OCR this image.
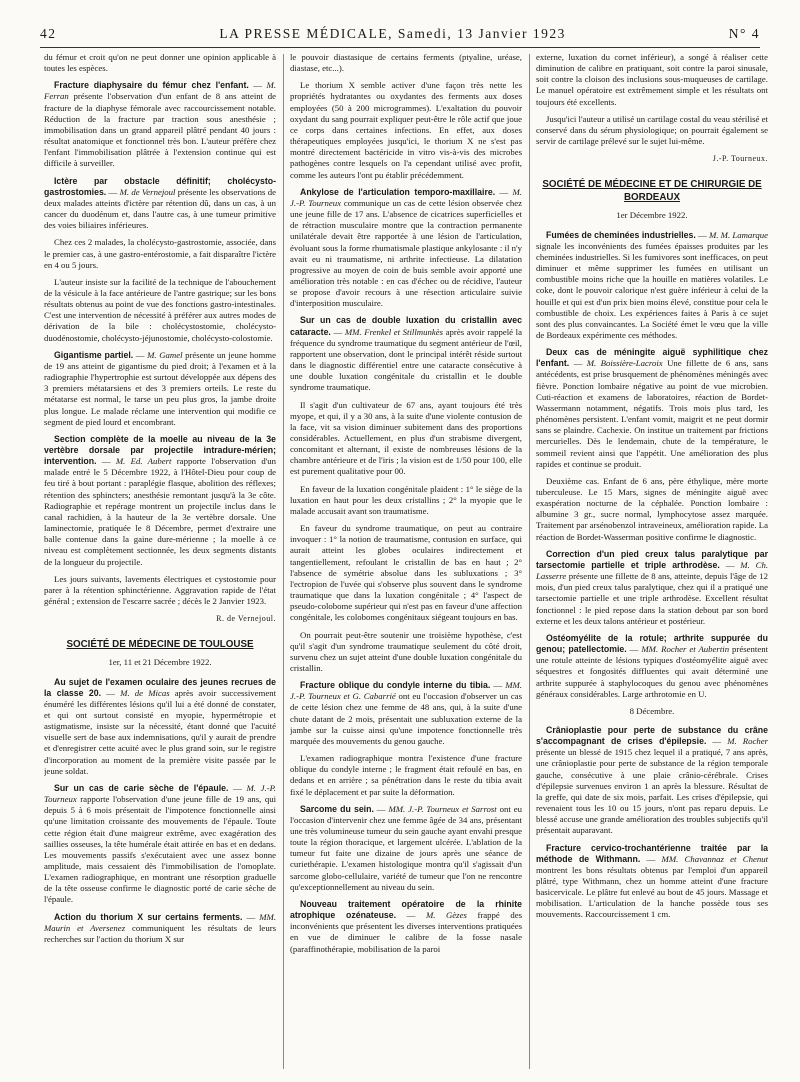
42	LA PRESSE MÉDICALE, Samedi, 13 Janvier 1923	N° 4

du fémur et croit qu'on ne peut donner une opinion applicable à toutes les espèces.

Fracture diaphysaire du fémur chez l'enfant. — M. Ferran présente l'observation d'un enfant de 8 ans atteint de fracture de la diaphyse fémorale avec raccourcissement notable. Réduction de la fracture par traction sous anesthésie ; immobilisation dans un grand appareil plâtré pendant 40 jours : résultat anatomique et fonctionnel très bon. L'auteur préfère chez l'enfant l'immobilisation plâtrée à l'extension continue qui est difficile à surveiller.

Ictère par obstacle définitif; cholécysto-gastrostomies. — M. de Vernejoul présente les observations de deux malades atteints d'ictère par rétention dû, dans un cas, à un cancer du duodénum et, dans l'autre cas, à une tumeur primitive des voies biliaires inférieures.

Chez ces 2 malades, la cholécysto-gastrostomie, associée, dans le premier cas, à une gastro-entérostomie, a fait disparaître l'ictère en 4 ou 5 jours.

L'auteur insiste sur la facilité de la technique de l'abouchement de la vésicule à la face antérieure de l'antre gastrique; sur les bons résultats obtenus au point de vue des fonctions gastro-intestinales. C'est une intervention de nécessité à préférer aux autres modes de dérivation de la bile : cholécystostomie, cholécysto-duodénostomie, cholécysto-jéjunostomie, cholécysto-colostomie.

Gigantisme partiel. — M. Gamel présente un jeune homme de 19 ans atteint de gigantisme du pied droit; à l'examen et à la radiographie l'hypertrophie est surtout développée aux dépens des 3 premiers métatarsiens et des 3 premiers orteils. Le reste du métatarse est normal, le tarse un peu plus gros, la jambe droite plus longue. Le malade réclame une intervention qui modifie ce segment de pied lourd et encombrant.

Section complète de la moelle au niveau de la 3e vertèbre dorsale par projectile intradure-mérien; intervention. — M. Ed. Aubert rapporte l'observation d'un malade entré le 5 Décembre 1922, à l'Hôtel-Dieu pour coup de feu tiré à bout portant : paraplégie flasque, abolition des réflexes; rétention des sphincters; anesthésie remontant jusqu'à la 3e côte. Radiographie et repérage montrent un projectile inclus dans le canal rachidien, à la hauteur de la 3e vertèbre dorsale. Une laminectomie, pratiquée le 8 Décembre, permet d'extraire une balle contenue dans la gaine dure-mérienne ; la moelle à ce niveau est complètement sectionnée, les deux segments distants de la longueur du projectile.

Les jours suivants, lavements électriques et cystostomie pour parer à la rétention sphinctérienne. Aggravation rapide de l'état général ; extension de l'escarre sacrée ; décès le 2 Janvier 1923.

R. de Vernejoul.
SOCIÉTÉ DE MÉDECINE DE TOULOUSE
1er, 11 et 21 Décembre 1922.

Au sujet de l'examen oculaire des jeunes recrues de la classe 20. — M. de Micas après avoir successivement énuméré les différentes lésions qu'il lui a été donné de constater, et qui ont surtout consisté en myopie, hypermétropie et astigmatisme, insiste sur la nécessité, étant donné que l'acuité visuelle sert de base aux indemnisations, qu'il y aurait de prendre et d'enregistrer cette acuité avec le plus grand soin, sur le registre d'incorporation au moment de la première visite passée par le jeune soldat.

Sur un cas de carie sèche de l'épaule. — M. J.-P. Tourneux rapporte l'observation d'une jeune fille de 19 ans, qui depuis 5 à 6 mois présentait de l'impotence fonctionnelle ainsi qu'une limitation croissante des mouvements de l'épaule. Toute cette région était d'une maigreur extrême, avec exagération des saillies osseuses, la tête humérale était attirée en bas et en dedans. Les mouvements passifs s'exécutaient avec une assez bonne amplitude, mais cessaient dès l'immobilisation de l'omoplate. L'examen radiographique, en montrant une résorption graduelle de la tête osseuse confirme le diagnostic porté de carie sèche de l'épaule.

Action du thorium X sur certains ferments. — MM. Maurin et Aversenez communiquent les résultats de leurs recherches sur l'action du thorium X sur

le pouvoir diastasique de certains ferments (ptyaline, uréase, diastase, etc...).

Le thorium X semble activer d'une façon très nette les propriétés hydratantes ou oxydantes des ferments aux doses employées (50 à 200 microgrammes). L'exaltation du pouvoir oxydant du sang pourrait expliquer peut-être le rôle actif que joue ce corps dans certaines infections. En effet, aux doses thérapeutiques employées jusqu'ici, le thorium X ne s'est pas montré directement bactéricide in vitro vis-à-vis des microbes pathogènes contre lesquels on l'a cependant utilisé avec profit, comme les auteurs l'ont pu établir précédemment.

Ankylose de l'articulation temporo-maxillaire. — M. J.-P. Tourneux communique un cas de cette lésion observée chez une jeune fille de 17 ans. L'absence de cicatrices superficielles et de rétraction musculaire montre que la contraction permanente unilatérale devait être rapportée à une lésion de l'articulation, évoluant sous la forme rhumatismale plastique ankylosante : il n'y avait eu ni traumatisme, ni arthrite infectieuse. La dilatation progressive au moyen de coin de buis semble avoir apporté une amélioration très notable : en cas d'échec ou de récidive, l'auteur se propose d'avoir recours à une résection articulaire suivie d'interposition musculaire.

Sur un cas de double luxation du cristallin avec cataracte. — MM. Frenkel et Stillmunkès après avoir rappelé la fréquence du syndrome traumatique du segment antérieur de l'œil, rapportent une observation, dont le principal intérêt réside surtout dans le diagnostic différentiel entre une cataracte consécutive à une double luxation congénitale du cristallin et le double syndrome traumatique.

Il s'agit d'un cultivateur de 67 ans, ayant toujours été très myope, et qui, il y a 30 ans, à la suite d'une violente contusion de la face, vit sa vision diminuer subitement dans des proportions considérables. Actuellement, en plus d'un strabisme divergent, concomitant et alternant, il existe de nombreuses lésions de la chambre antérieure et de l'iris ; la vision est de 1/50 pour 100, elle est purement qualitative pour 00.

En faveur de la luxation congénitale plaident : 1° le siège de la luxation en haut pour les deux cristallins ; 2° la myopie que le malade accusait avant son traumatisme.

En faveur du syndrome traumatique, on peut au contraire invoquer : 1° la notion de traumatisme, contusion en surface, qui aurait atteint les globes oculaires indirectement et tangentiellement, refoulant le cristallin de bas en haut ; 2° l'absence de symétrie absolue dans les subluxations ; 3° l'ectropion de l'uvée qui s'observe plus souvent dans le syndrome traumatique que dans la luxation congénitale ; 4° l'aspect de pseudo-colobome supérieur qui n'est pas en faveur d'une affection congénitale, les colobomes congénitaux siégeant toujours en bas.

On pourrait peut-être soutenir une troisième hypothèse, c'est qu'il s'agit d'un syndrome traumatique seulement du côté droit, survenu chez un sujet atteint d'une double luxation congénitale du cristallin.

Fracture oblique du condyle interne du tibia. — MM. J.-P. Tourneux et G. Cabarrié ont eu l'occasion d'observer un cas de cette lésion chez une femme de 48 ans, qui, à la suite d'une chute datant de 2 mois, présentait une subluxation externe de la jambe sur la cuisse ainsi qu'une impotence fonctionnelle très marquée des mouvements du genou gauche.

L'examen radiographique montra l'existence d'une fracture oblique du condyle interne ; le fragment était refoulé en bas, en dedans et en arrière ; sa pénétration dans le reste du tibia avait fixé le déplacement et par suite la déformation.

Sarcome du sein. — MM. J.-P. Tourneux et Sarrost ont eu l'occasion d'intervenir chez une femme âgée de 34 ans, présentant une très volumineuse tumeur du sein gauche ayant envahi presque toute la région thoracique, et largement ulcérée. L'ablation de la tumeur fut faite une dizaine de jours après une séance de curiethérapie. L'examen histologique montra qu'il s'agissait d'un sarcome globo-cellulaire, variété de tumeur que l'on ne rencontre qu'exceptionnellement au niveau du sein.

Nouveau traitement opératoire de la rhinite atrophique ozénateuse. — M. Gèzes frappé des inconvénients que présentent les diverses interventions pratiquées en vue de diminuer le calibre de la fosse nasale (paraffinothérapie, mobilisation de la paroi

externe, luxation du cornet inférieur), a songé à réaliser cette diminution de calibre en pratiquant, soit contre la paroi sinusale, soit contre la cloison des inclusions sous-muqueuses de cartilage. Le manuel opératoire est extrêmement simple et les résultats ont toujours été excellents.

Jusqu'ici l'auteur a utilisé un cartilage costal du veau stérilisé et conservé dans du sérum physiologique; on pourrait également se servir de cartilage prélevé sur le sujet lui-même.

J.-P. Tourneux.
SOCIÉTÉ DE MÉDECINE ET DE CHIRURGIE DE BORDEAUX
1er Décembre 1922.

Fumées de cheminées industrielles. — M. M. Lamarque signale les inconvénients des fumées épaisses produites par les cheminées industrielles. Si les fumivores sont inefficaces, on peut diminuer et même supprimer les fumées en utilisant un combustible moins riche que la houille en matières volatiles. Le coke, dont le pouvoir calorique n'est guère inférieur à celui de la houille et qui est d'un prix bien moins élevé, constitue pour cela le combustible de choix. Les expériences faites à Paris à ce sujet sont des plus convaincantes. La Société émet le vœu que la ville de Bordeaux expérimente ces méthodes.

Deux cas de méningite aiguë syphilitique chez l'enfant. — M. Boissière-Lacroix Une fillette de 6 ans, sans antécédents, est prise brusquement de phénomènes méningés avec fièvre. Ponction lombaire négative au point de vue microbien. Cuti-réaction et examens de laboratoires, réaction de Bordet-Wassermann notamment, négatifs. Trois mois plus tard, les phénomènes persistent. L'enfant vomit, maigrit et ne peut dormir sans se plaindre. Cachexie. On institue un traitement par frictions mercurielles. Dès le lendemain, chute de la température, le sommeil revient ainsi que l'appétit. Une amélioration des plus rapides et continue se produit.

Deuxième cas. Enfant de 6 ans, père éthylique, mère morte tuberculeuse. Le 15 Mars, signes de méningite aiguë avec exaspération nocturne de la céphalée. Ponction lombaire : albumine 3 gr., sucre normal, lymphocytose assez marquée. Traitement par arsénobenzol intraveineux, amélioration rapide. La réaction de Bordet-Wasserman positive confirme le diagnostic.

Correction d'un pied creux talus paralytique par tarsectomie partielle et triple arthrodèse. — M. Ch. Lasserre présente une fillette de 8 ans, atteinte, depuis l'âge de 12 mois, d'un pied creux talus paralytique, chez qui il a pratiqué une tarsectomie partielle et une triple arthrodèse. Excellent résultat fonctionnel : le pied repose dans la station debout par son bord externe et les deux talons antérieur et postérieur.

Ostéomyélite de la rotule; arthrite suppurée du genou; patellectomie. — MM. Rocher et Aubertin présentent une rotule atteinte de lésions typiques d'ostéomyélite aiguë avec séquestres et fongosités diffluentes qui avait déterminé une arthrite suppurée à staphylocoques du genou avec phénomènes généraux considérables. Large arthrotomie en U.

8 Décembre.

Crânioplastie pour perte de substance du crâne s'accompagnant de crises d'épilepsie. — M. Rocher présente un blessé de 1915 chez lequel il a pratiqué, 7 ans après, une crânioplastie pour perte de substance de la région temporale gauche, consécutive à une plaie crânio-cérébrale. Crises d'épilepsie survenues environ 1 an après la blessure. Résultat de la greffe, qui date de six mois, parfait. Les crises d'épilepsie, qui revenaient tous les 10 ou 15 jours, n'ont pas reparu depuis. Le blessé accuse une grande amélioration des troubles subjectifs qu'il présentait auparavant.

Fracture cervico-trochantérienne traitée par la méthode de Withmann. — MM. Chavannaz et Chenut montrent les bons résultats obtenus par l'emploi d'un appareil plâtré, type Withmann, chez un homme atteint d'une fracture basicervicale. Le plâtre fut enlevé au bout de 45 jours. Massage et mobilisation. L'articulation de la hanche possède tous ses mouvements. Raccourcissement 1 cm.
